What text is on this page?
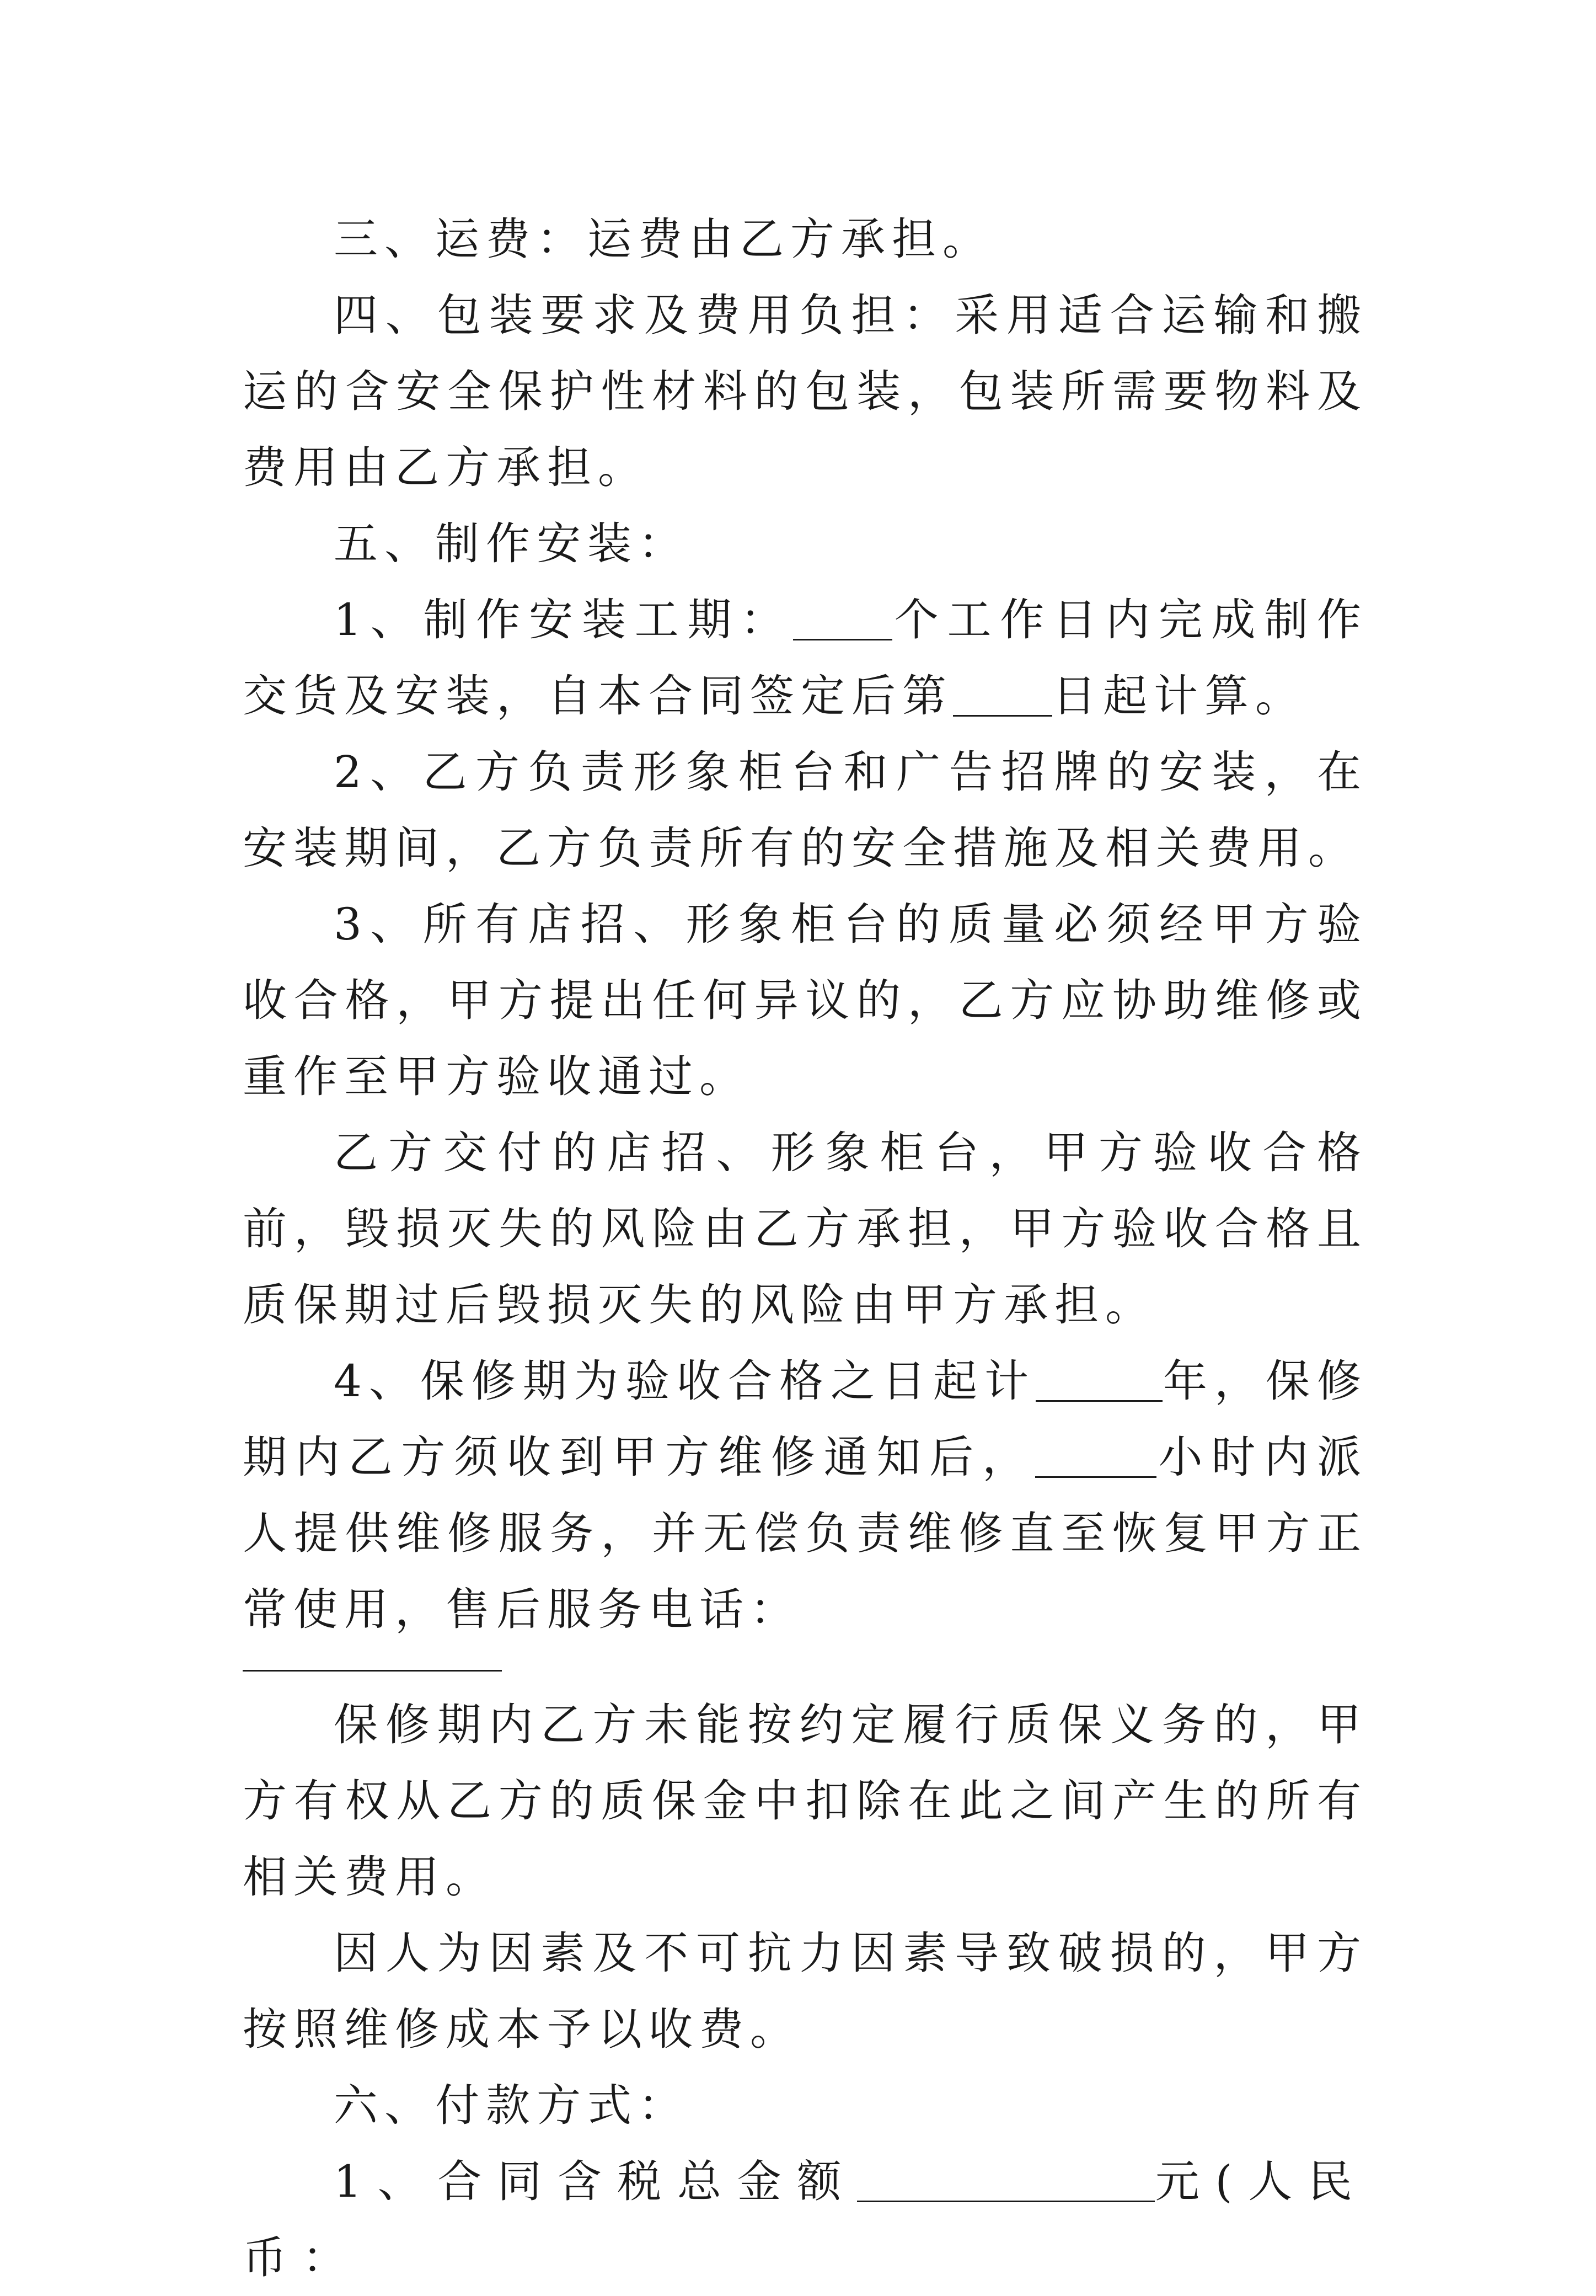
三、运费：运费由乙方承担。

四、包装要求及费用负担：采用适合运输和搬运的含安全保护性材料的包装，包装所需要物料及费用由乙方承担。

五、制作安装：

1、制作安装工期： 个工作日内完成制作交货及安装，自本合同签定后第 日起计算。

2、乙方负责形象柜台和广告招牌的安装，在安装期间，乙方负责所有的安全措施及相关费用。

3、所有店招、形象柜台的质量必须经甲方验收合格，甲方提出任何异议的，乙方应协助维修或重作至甲方验收通过。

乙方交付的店招、形象柜台，甲方验收合格前，毁损灭失的风险由乙方承担，甲方验收合格且质保期过后毁损灭失的风险由甲方承担。

4、保修期为验收合格之日起计	年，保修期内乙方须收到甲方维修通知后，	小时内派人提供维修服务，并无偿负责维修直至恢复甲方正常使用，售后服务电话：

保修期内乙方未能按约定履行质保义务的，甲方有权从乙方的质保金中扣除在此之间产生的所有相关费用。

因人为因素及不可抗力因素导致破损的，甲方按照维修成本予以收费。

六、付款方式：

1、合同含税总金额	元(人民币：
